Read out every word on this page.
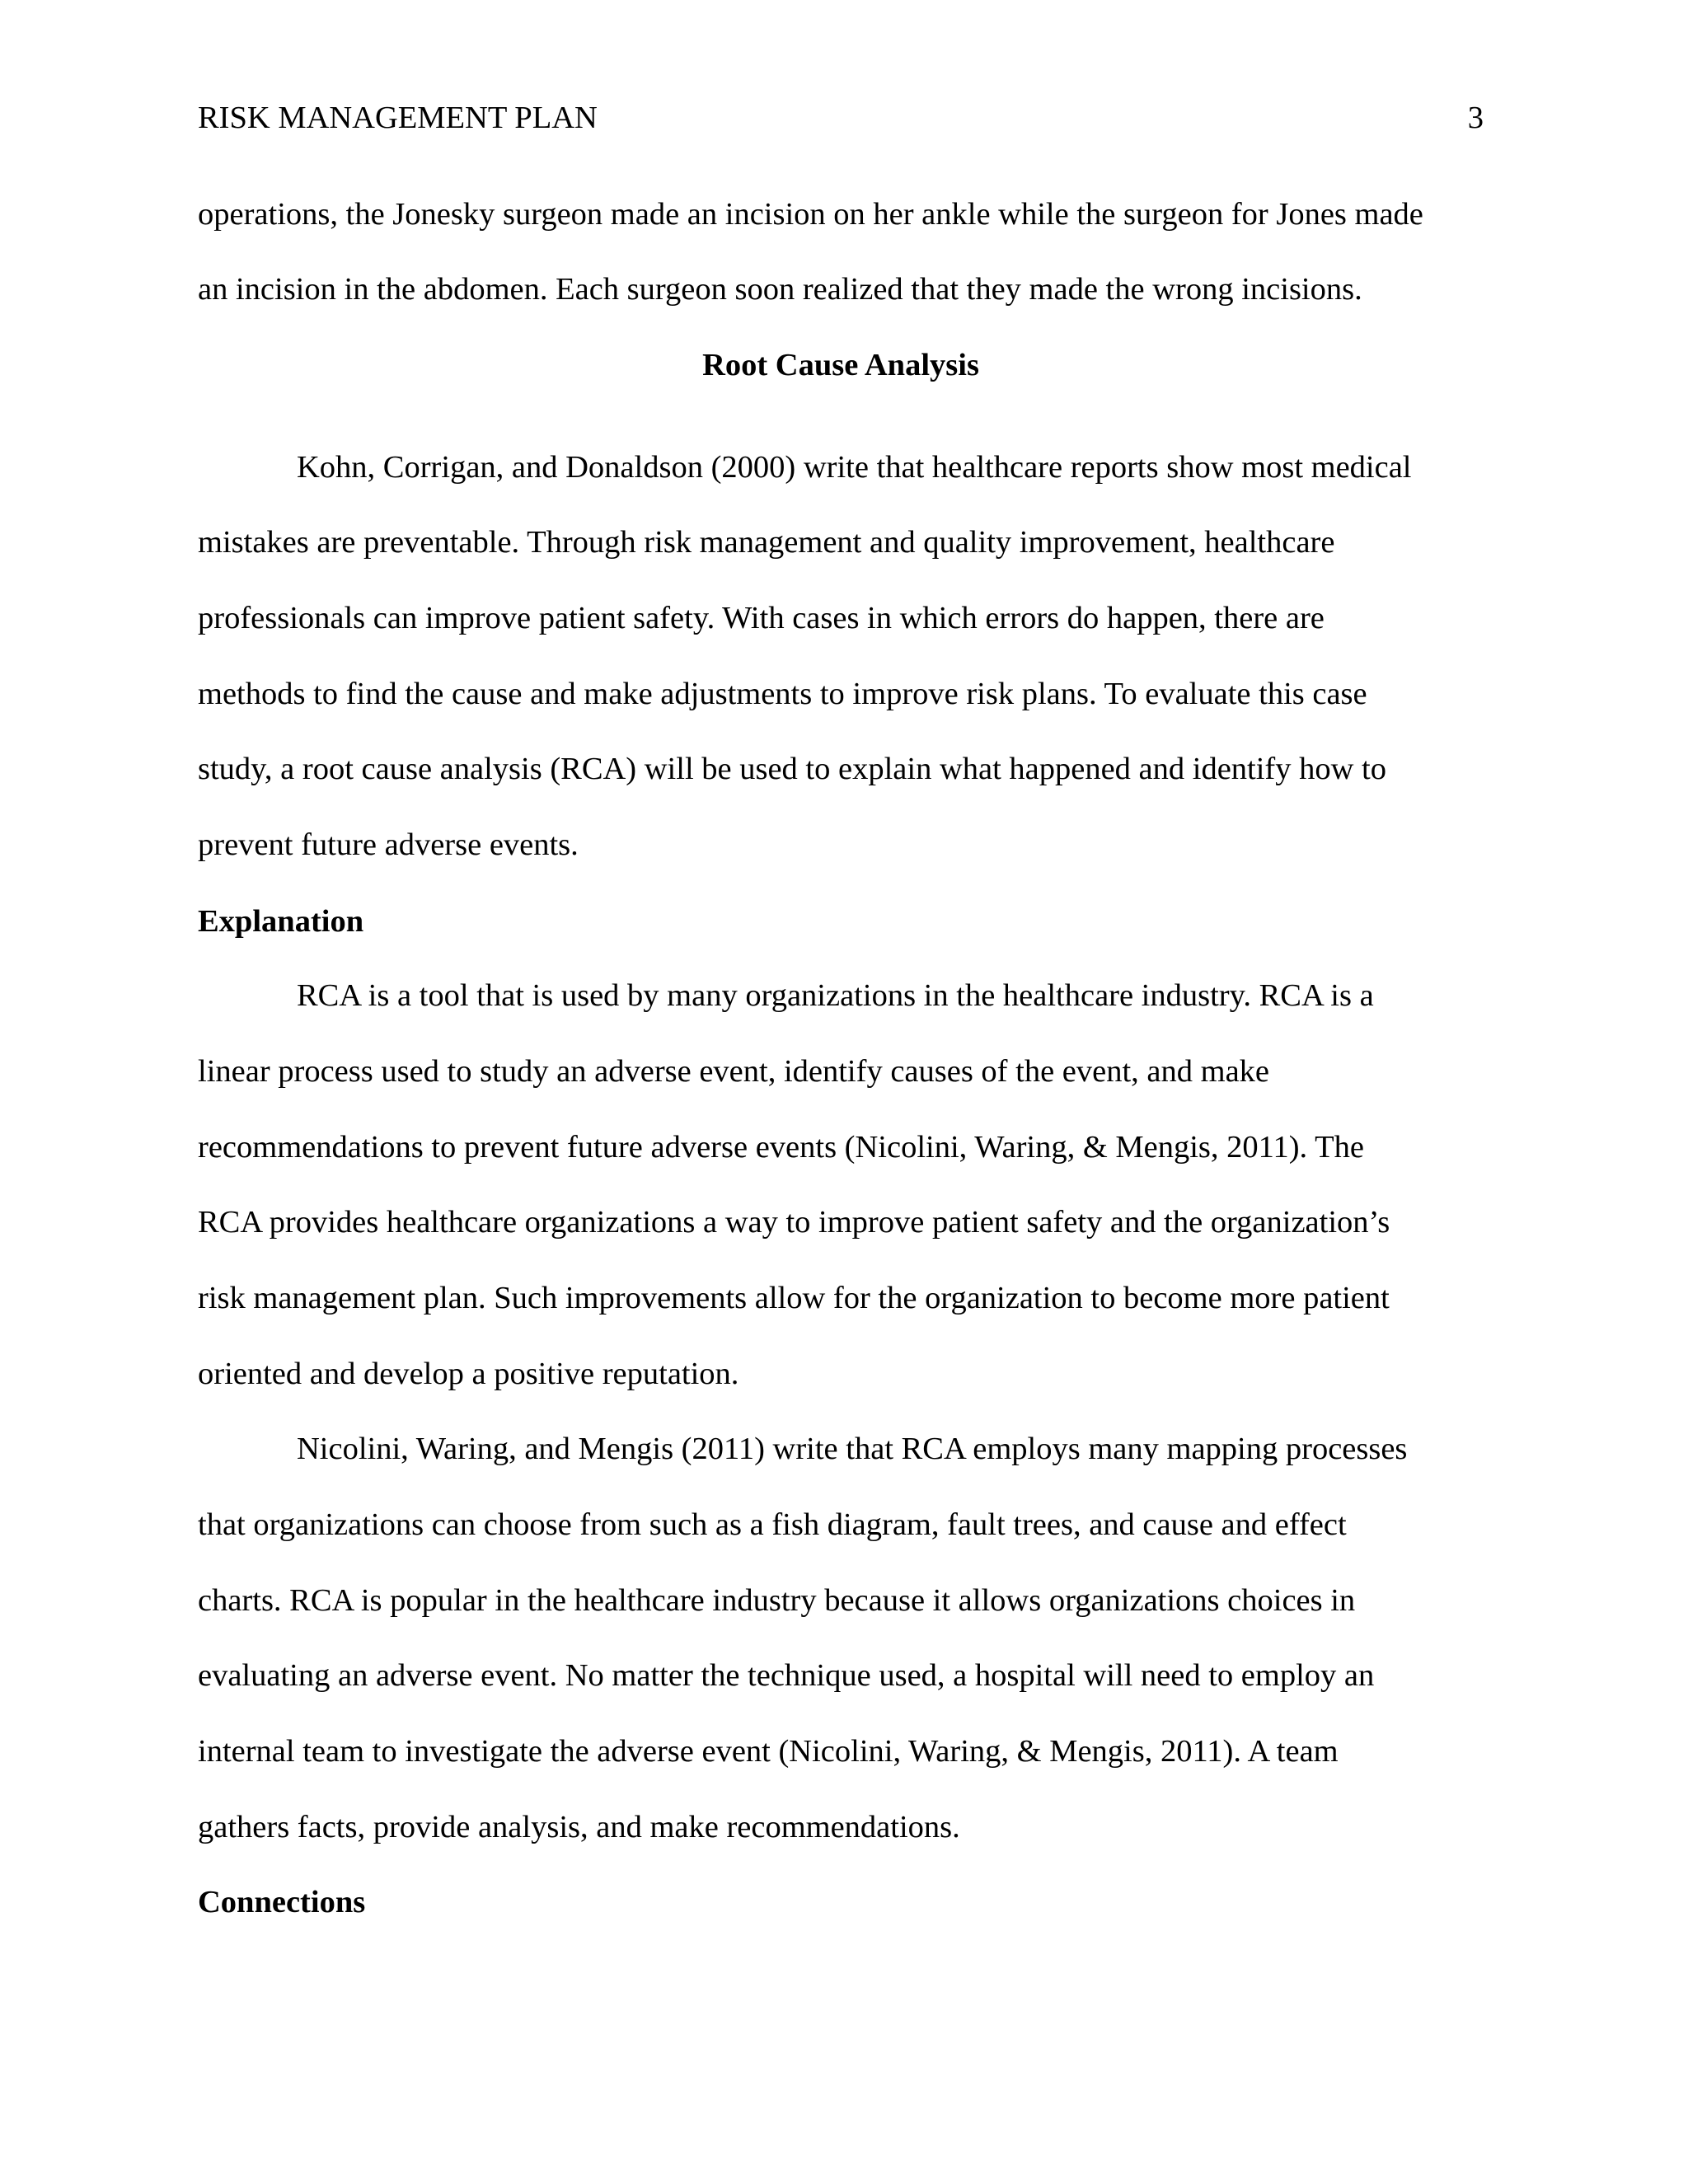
RISK MANAGEMENT PLAN	3
operations, the Jonesky surgeon made an incision on her ankle while the surgeon for Jones made
an incision in the abdomen. Each surgeon soon realized that they made the wrong incisions.
Root Cause Analysis
Kohn, Corrigan, and Donaldson (2000) write that healthcare reports show most medical
mistakes are preventable. Through risk management and quality improvement, healthcare
professionals can improve patient safety. With cases in which errors do happen, there are
methods to find the cause and make adjustments to improve risk plans. To evaluate this case
study, a root cause analysis (RCA) will be used to explain what happened and identify how to
prevent future adverse events.
Explanation
RCA is a tool that is used by many organizations in the healthcare industry. RCA is a
linear process used to study an adverse event, identify causes of the event, and make
recommendations to prevent future adverse events (Nicolini, Waring, & Mengis, 2011). The
RCA provides healthcare organizations a way to improve patient safety and the organization’s
risk management plan. Such improvements allow for the organization to become more patient
oriented and develop a positive reputation.
Nicolini, Waring, and Mengis (2011) write that RCA employs many mapping processes
that organizations can choose from such as a fish diagram, fault trees, and cause and effect
charts. RCA is popular in the healthcare industry because it allows organizations choices in
evaluating an adverse event. No matter the technique used, a hospital will need to employ an
internal team to investigate the adverse event (Nicolini, Waring, & Mengis, 2011). A team
gathers facts, provide analysis, and make recommendations.
Connections
